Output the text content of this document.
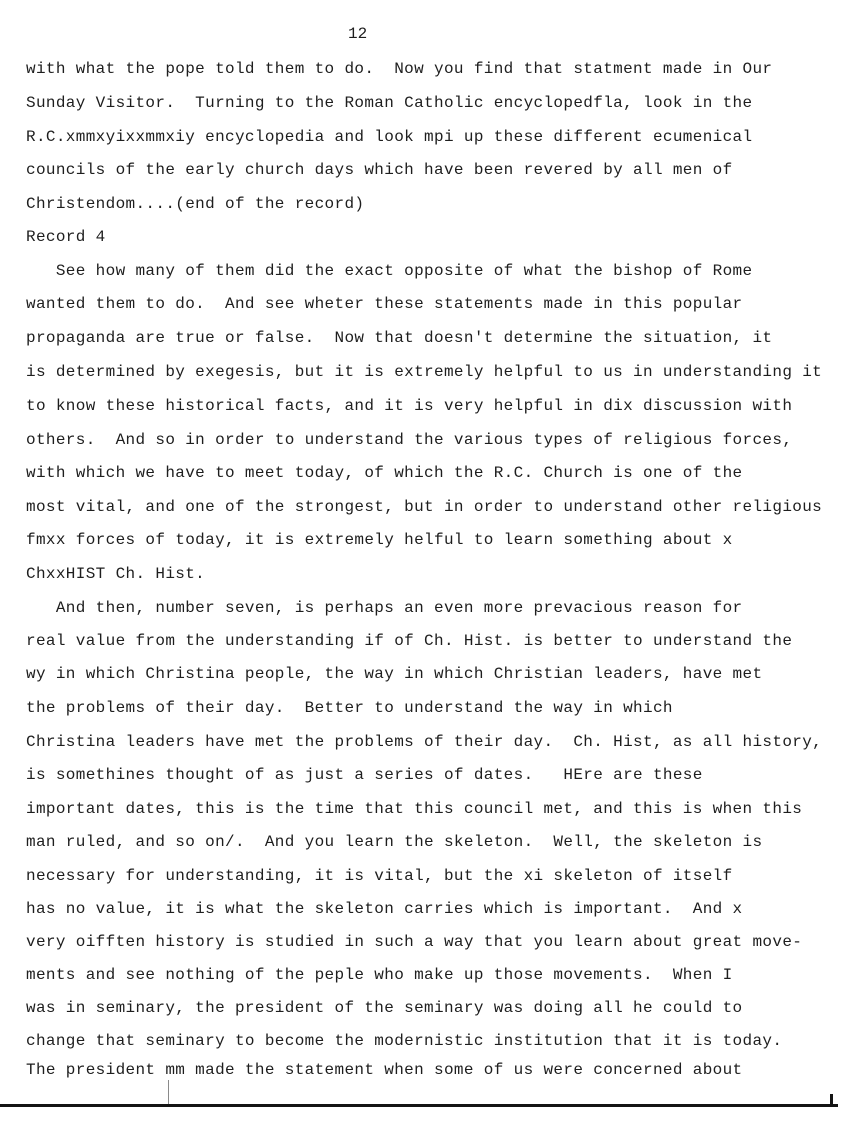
12
with what the pope told them to do.  Now you find that statment made in Our
Sunday Visitor.  Turning to the Roman Catholic encyclopedfla, look in the
R.C.xmmxyixxmmxiy encyclopedia and look mpi up these different ecumenical
councils of the early church days which have been revered by all men of
Christendom....(end of the record)
Record 4
See how many of them did the exact opposite of what the bishop of Rome
wanted them to do.  And see wheter these statements made in this popular
propaganda are true or false.  Now that doesn't determine the situation, it
is determined by exegesis, but it is extremely helpful to us in understanding it
to know these historical facts, and it is very helpful in dix discussion with
others.  And so in order to understand the various types of religious forces,
with which we have to meet today, of which the R.C. Church is one of the
most vital, and one of the strongest, but in order to understand other religious
fmxx forces of today, it is extremely helful to learn something about x
ChxxHIST Ch. Hist.
And then, number seven, is perhaps an even more prevacious reason for
real value from the understanding if of Ch. Hist. is better to understand the
wy in which Christina people, the way in which Christian leaders, have met
the problems of their day.  Better to understand the way in which
Christina leaders have met the problems of their day.  Ch. Hist, as all history,
is somethines thought of as just a series of dates.   HEre are these
important dates, this is the time that this council met, and this is when this
man ruled, and so on/.  And you learn the skeleton.  Well, the skeleton is
necessary for understanding, it is vital, but the xi skeleton of itself
has no value, it is what the skeleton carries which is important.  And x
very oifften history is studied in such a way that you learn about great move-
ments and see nothing of the peple who make up those movements.  When I
was in seminary, the president of the seminary was doing all he could to
change that seminary to become the modernistic institution that it is today.
The president mm made the statement when some of us were concerned about
